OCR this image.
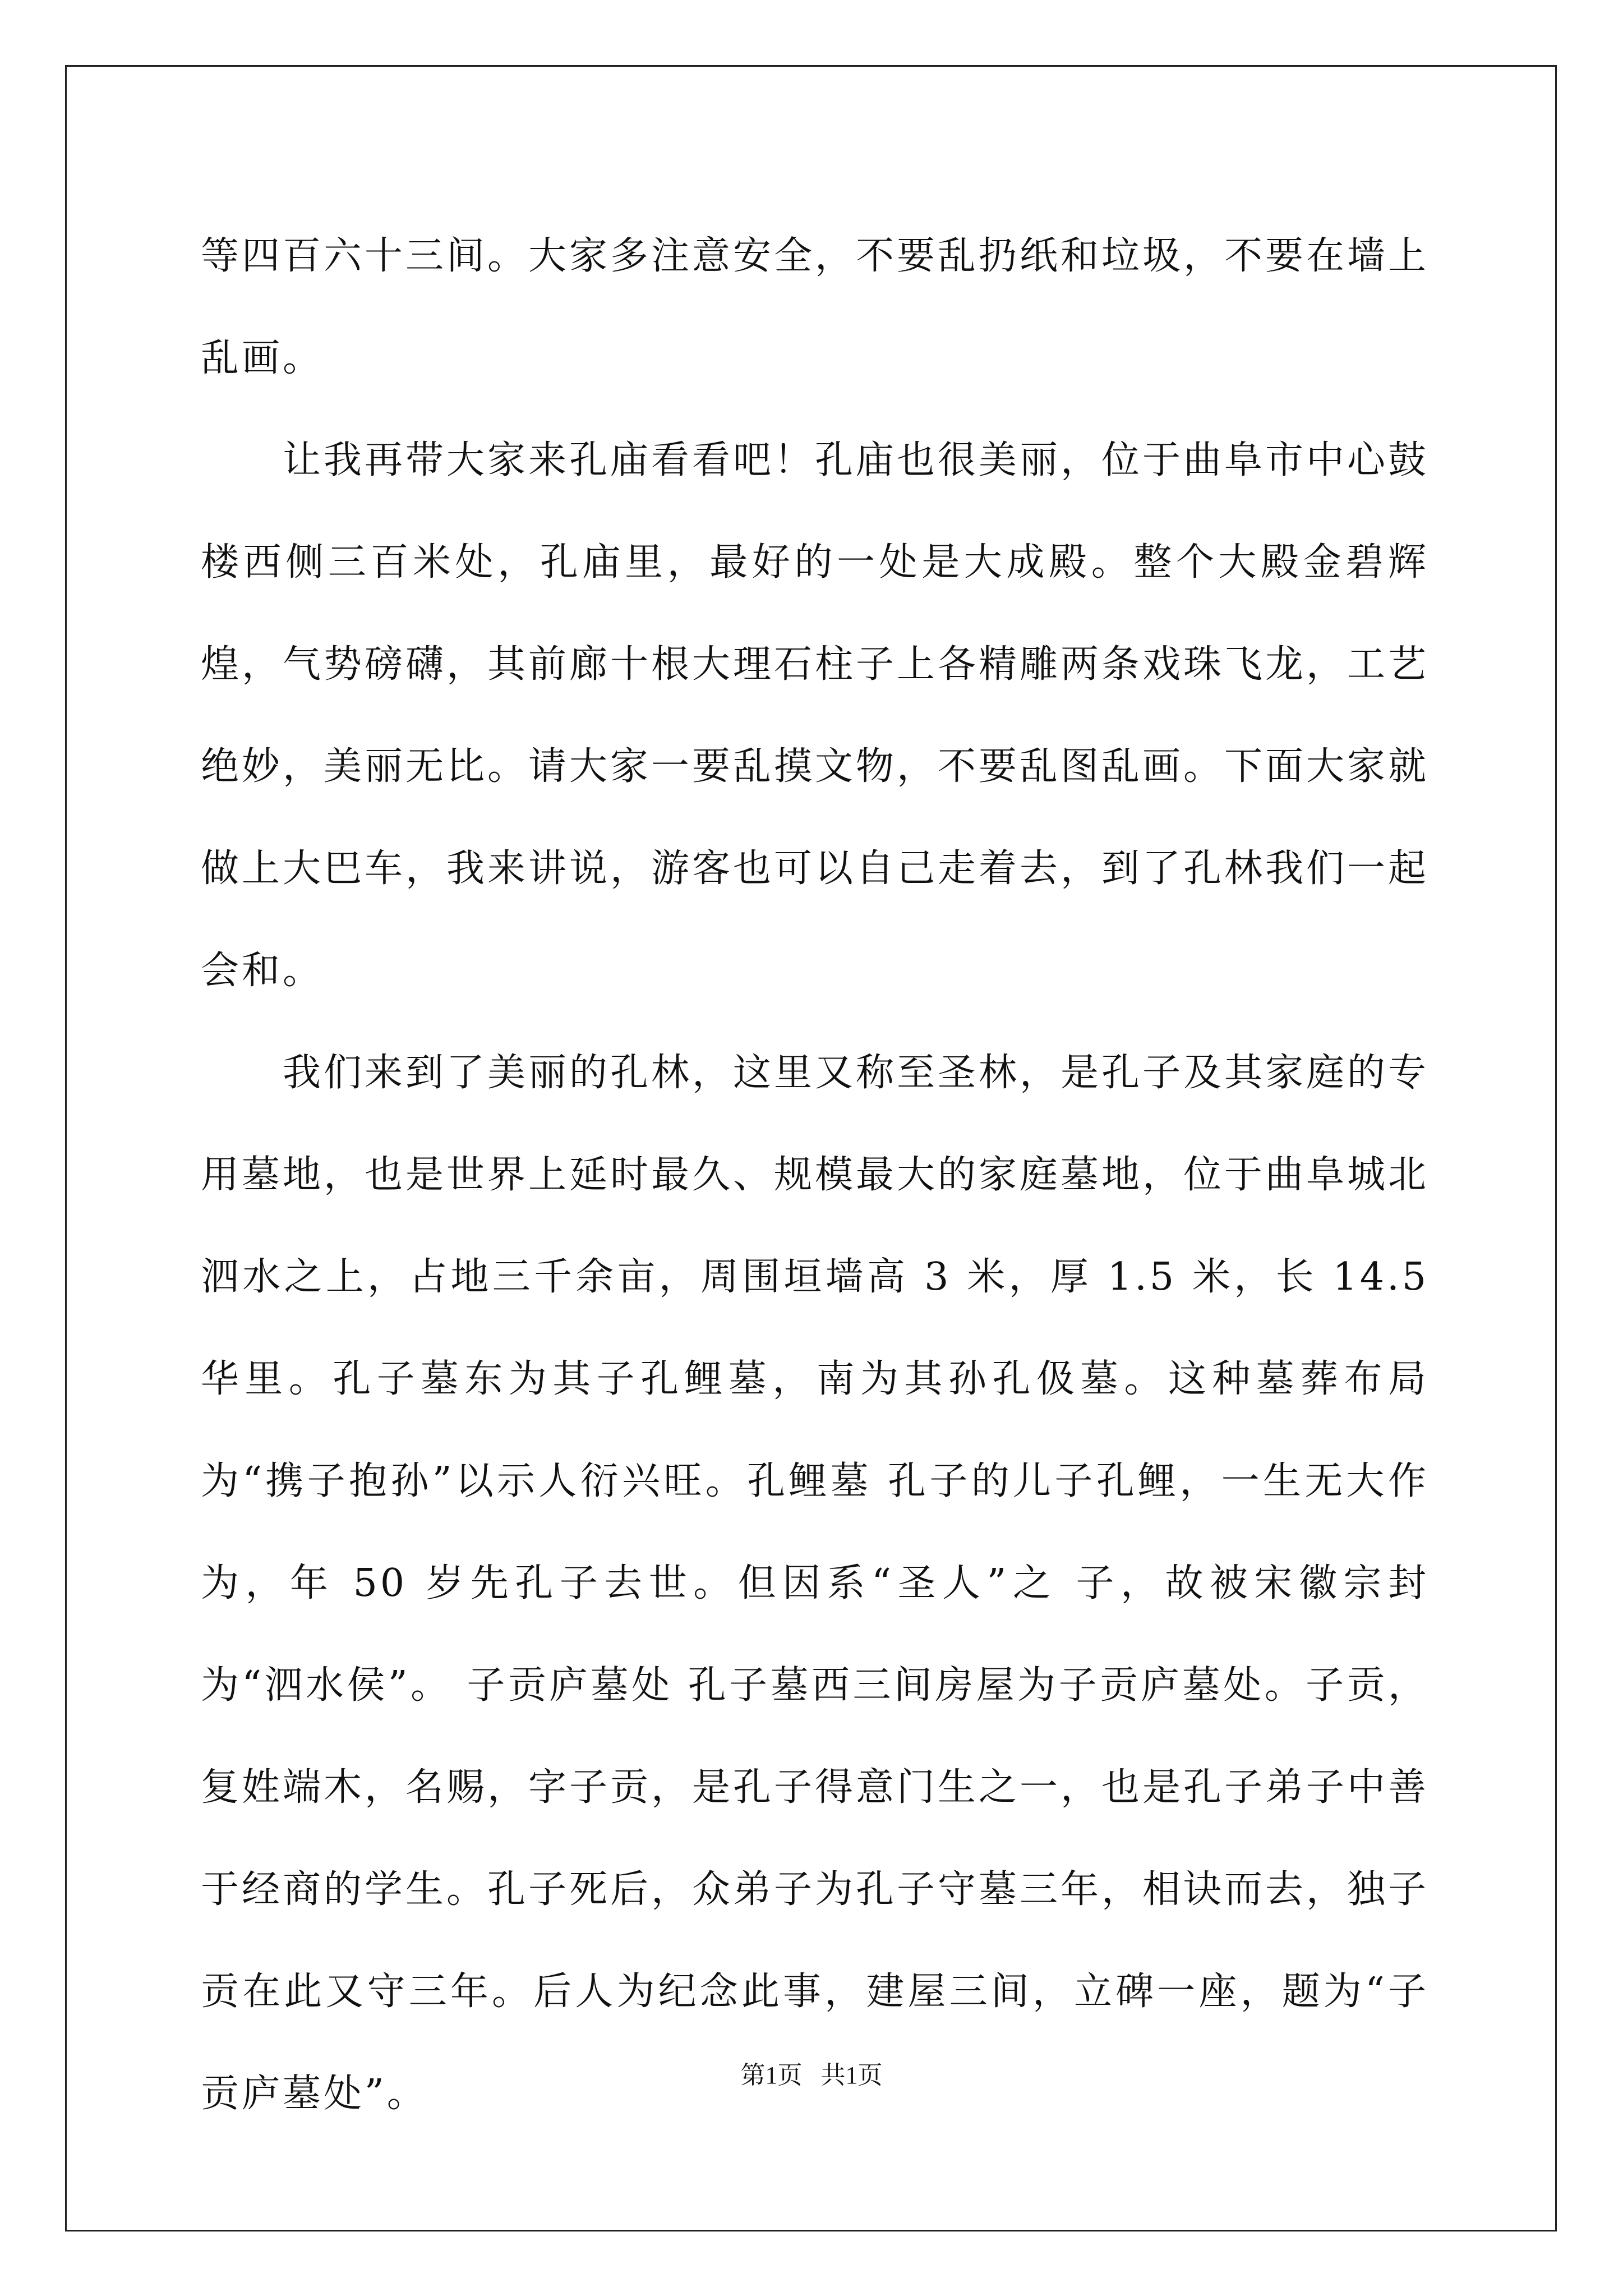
等四百六十三间。大家多注意安全，不要乱扔纸和垃圾，不要在墙上乱画。

让我再带大家来孔庙看看吧！孔庙也很美丽，位于曲阜市中心鼓楼西侧三百米处，孔庙里，最好的一处是大成殿。整个大殿金碧辉煌，气势磅礴，其前廊十根大理石柱子上各精雕两条戏珠飞龙，工艺绝妙，美丽无比。请大家一要乱摸文物，不要乱图乱画。下面大家就做上大巴车，我来讲说，游客也可以自己走着去，到了孔林我们一起会和。

我们来到了美丽的孔林，这里又称至圣林，是孔子及其家庭的专用墓地，也是世界上延时最久、规模最大的家庭墓地，位于曲阜城北泗水之上，占地三千余亩，周围垣墙高 3 米，厚 1.5 米，长 14.5 华里。孔子墓东为其子孔鲤墓，南为其孙孔伋墓。这种墓葬布局为“携子抱孙”以示人衍兴旺。孔鲤墓 孔子的儿子孔鲤，一生无大作为，年 50 岁先孔子去世。但因系“圣人”之 子，故被宋徽宗封为“泗水侯”。 子贡庐墓处 孔子墓西三间房屋为子贡庐墓处。子贡，复姓端木，名赐，字子贡，是孔子得意门生之一，也是孔子弟子中善于经商的学生。孔子死后，众弟子为孔子守墓三年，相诀而去，独子贡在此又守三年。后人为纪念此事，建屋三间，立碑一座，题为“子贡庐墓处”。	第1页 共1页
